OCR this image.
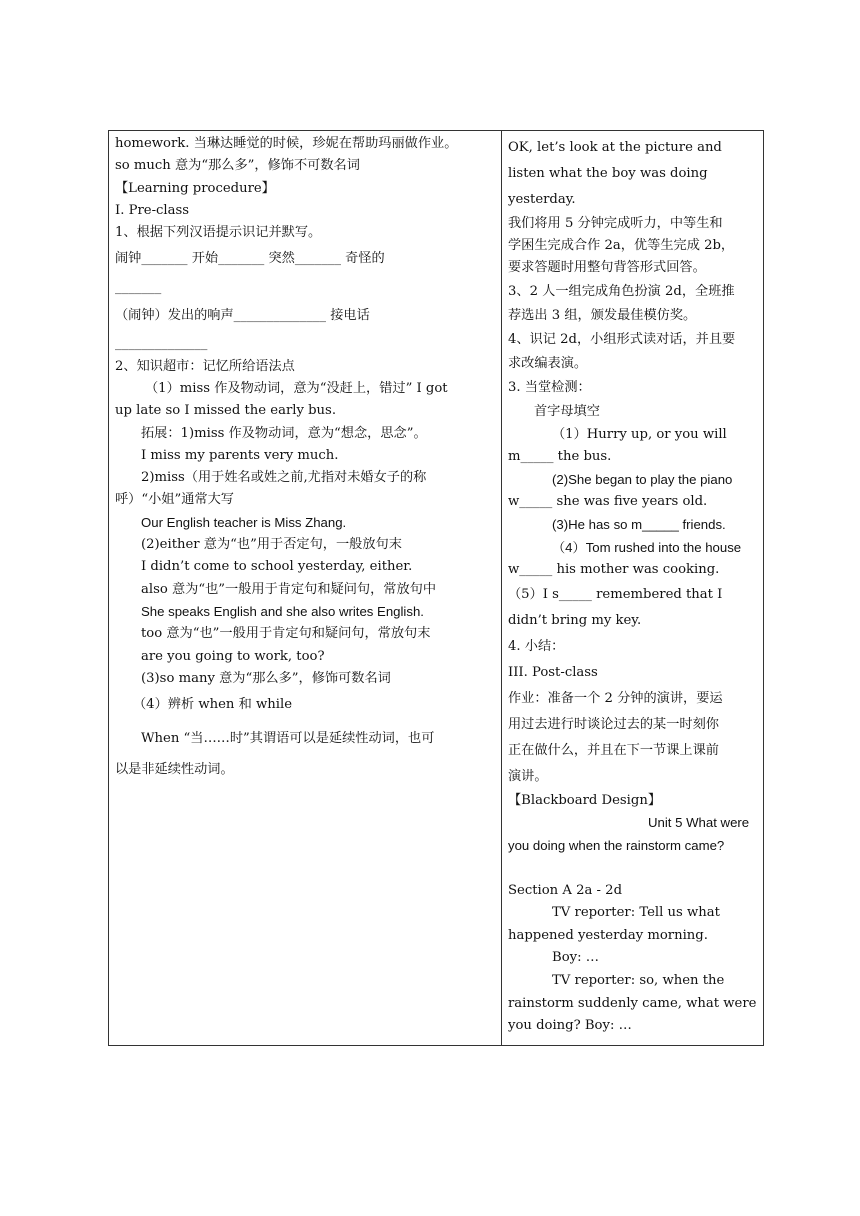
homework. 当琳达睡觉的时候，珍妮在帮助玛丽做作业。
so much 意为“那么多”，修饰不可数名词
【Learning procedure】
I. Pre-class
1、根据下列汉语提示识记并默写。
闹钟_______ 开始_______ 突然_______ 奇怪的
_______
（闹钟）发出的响声______________ 接电话
______________
2、知识超市：记忆所给语法点
（1）miss 作及物动词，意为“没赶上，错过” I got
up late so I missed the early bus.
拓展：1)miss 作及物动词，意为“想念，思念”。
I miss my parents very much.
2)miss（用于姓名或姓之前,尤指对未婚女子的称
呼）“小姐”通常大写
Our English teacher is Miss Zhang.
(2)either 意为“也”用于否定句，一般放句末
I didn’t come to school yesterday, either.
also 意为“也”一般用于肯定句和疑问句，常放句中
She speaks English and she also writes English.
too 意为“也”一般用于肯定句和疑问句，常放句末
are you going to work, too?
(3)so many 意为“那么多”，修饰可数名词
（4）辨析 when 和 while
When “当……时”其谓语可以是延续性动词，也可
以是非延续性动词。
OK, let’s look at the picture and
listen what the boy was doing
yesterday.
我们将用 5 分钟完成听力，中等生和
学困生完成合作 2a，优等生完成 2b，
要求答题时用整句背答形式回答。
3、2 人一组完成角色扮演 2d，全班推
荐选出 3 组，颁发最佳模仿奖。
4、识记 2d，小组形式读对话，并且要
求改编表演。
3. 当堂检测：
首字母填空
（1）Hurry up, or you will
m_____ the bus.
(2)She began to play the piano
w_____ she was five years old.
(3)He has so m_____ friends.
（4）Tom rushed into the house
w_____ his mother was cooking.
（5）I s_____ remembered that I
didn’t bring my key.
4. 小结：
III. Post-class
作业：准备一个 2 分钟的演讲，要运
用过去进行时谈论过去的某一时刻你
正在做什么，并且在下一节课上课前
演讲。
【Blackboard Design】
Unit 5 What were
you doing when the rainstorm came?
Section A 2a - 2d
TV reporter: Tell us what
happened yesterday morning.
Boy: …
TV reporter: so, when the
rainstorm suddenly came, what were
you doing? Boy: …
